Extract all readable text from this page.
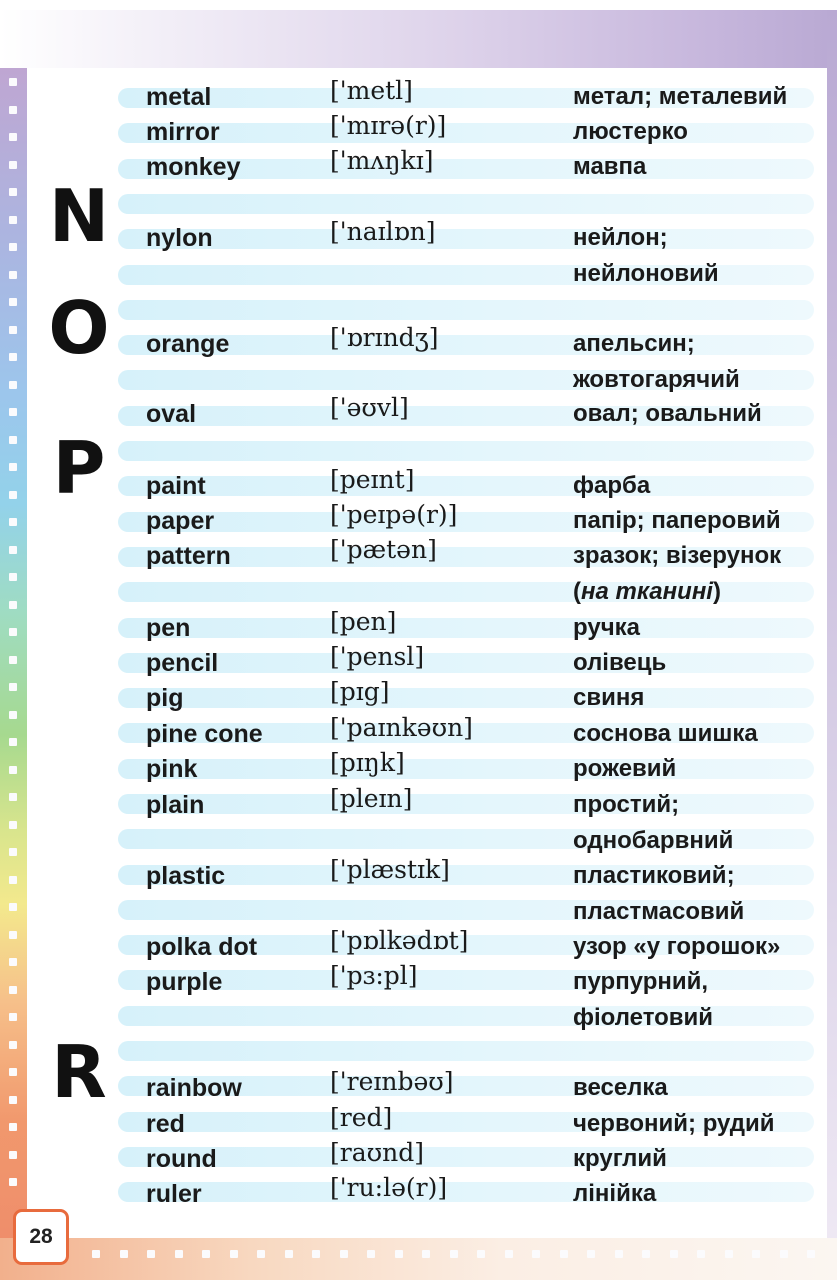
28
N
O
P
R
metal	['metl]	метал; металевий
mirror	['mɪrə(r)]	люстерко
monkey	['mʌŋkɪ]	мавпа
nylon	['naɪlɒn]	нейлон;
нейлоновий
orange	['ɒrɪndʒ]	апельсин;
жовтогарячий
oval	['əʊvl]	овал; овальний
paint	[peɪnt]	фарба
paper	['peɪpə(r)]	папір; паперовий
pattern	['pætən]	зразок; візерунок
(на тканині)
pen	[pen]	ручка
pencil	['pensl]	олівець
pig	[pɪg]	свиня
pine cone	['paɪnkəʊn]	соснова шишка
pink	[pɪŋk]	рожевий
plain	[pleɪn]	простий;
однобарвний
plastic	['plæstɪk]	пластиковий;
пластмасовий
polka dot	['pɒlkədɒt]	узор «у горошок»
purple	['pɜ:pl]	пурпурний,
фіолетовий
rainbow	['reɪnbəʊ]	веселка
red	[red]	червоний; рудий
round	[raʊnd]	круглий
ruler	['ru:lə(r)]	лінійка
